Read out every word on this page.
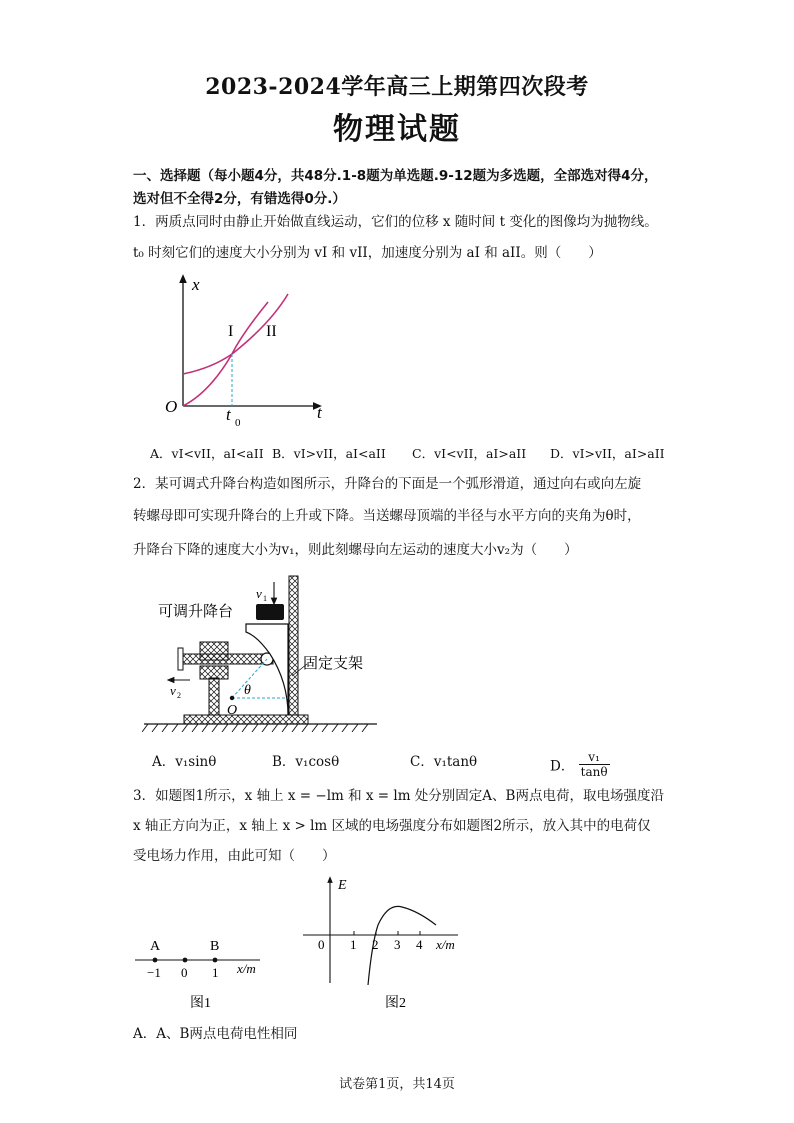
2023-2024学年高三上期第四次段考
物理试题
一、选择题（每小题4分，共48分.1-8题为单选题.9-12题为多选题，全部选对得4分，选对但不全得2分，有错选得0分.）
1．两质点同时由静止开始做直线运动，它们的位移 x 随时间 t 变化的图像均为抛物线。
t₀ 时刻它们的速度大小分别为 vI 和 vII，加速度分别为 aI 和 aII。则（　　）
x
t
O	t 0
I II
A．vI<vII，aI<aII B．vI>vII，aI<aII C．vI<vII，aI>aII D．vI>vII，aI>aII
2．某可调式升降台构造如图所示，升降台的下面是一个弧形滑道，通过向右或向左旋
转螺母即可实现升降台的上升或下降。当送螺母顶端的半径与水平方向的夹角为θ时，
升降台下降的速度大小为v₁，则此刻螺母向左运动的速度大小v₂为（　　）
可调升降台
固定支架
v 1
v 2	θ
O
A．v₁sinθ	B．v₁cosθ	C．v₁tanθ	D． $\frac{\text{v₁}}{\tan\theta}$
3．如题图1所示，x 轴上 x = −lm 和 x = lm 处分别固定A、B两点电荷，取电场强度沿
x 轴正方向为正，x 轴上 x > lm 区域的电场强度分布如题图2所示，放入其中的电荷仅
受电场力作用，由此可知（　　）
A	B
−1 0 1 x/m
图1
E
0 1 2 3 4 x/m
图2
A．A、B两点电荷电性相同
试卷第1页，共14页
